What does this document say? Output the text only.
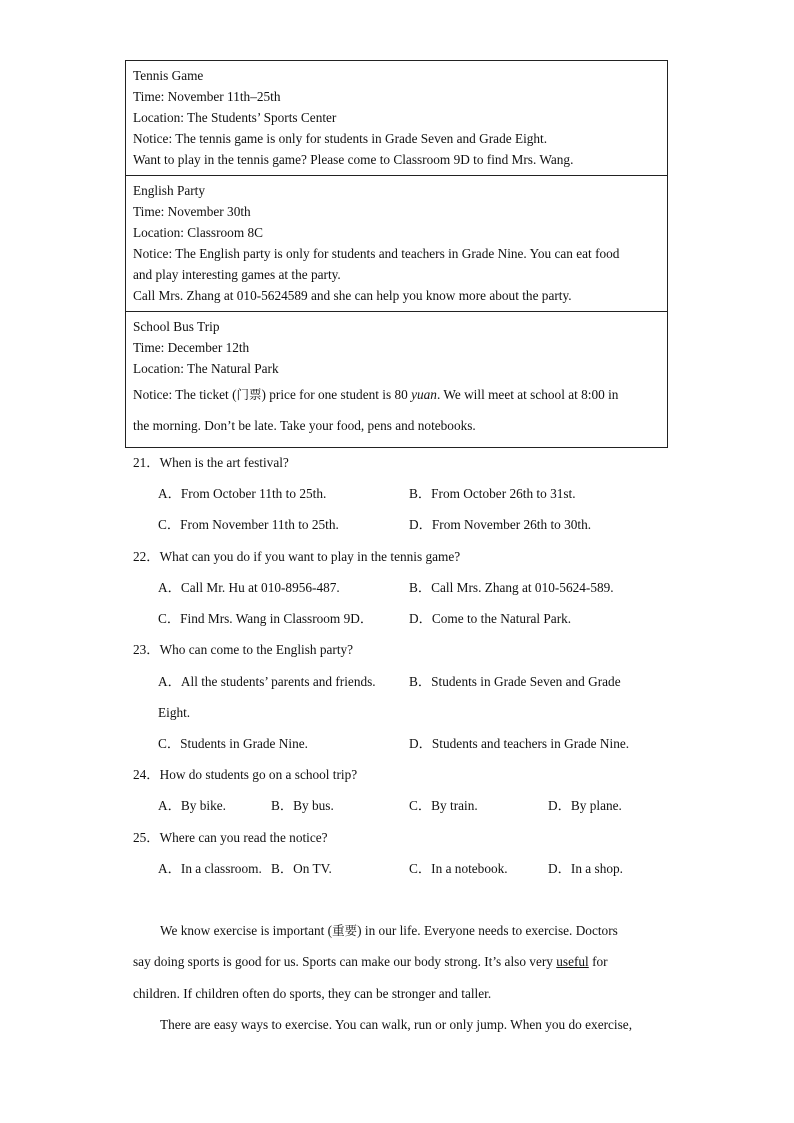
Tennis Game
Time: November 11th–25th
Location: The Students’ Sports Center
Notice: The tennis game is only for students in Grade Seven and Grade Eight.
Want to play in the tennis game? Please come to Classroom 9D to find Mrs. Wang.
English Party
Time: November 30th
Location: Classroom 8C
Notice: The English party is only for students and teachers in Grade Nine. You can eat food
and play interesting games at the party.
Call Mrs. Zhang at 010-5624589 and she can help you know more about the party.
School Bus Trip
Time: December 12th
Location: The Natural Park
Notice: The ticket (门票) price for one student is 80 yuan. We will meet at school at 8:00 in
the morning. Don’t be late. Take your food, pens and notebooks.
21．When is the art festival?
A．From October 11th to 25th.	B．From October 26th to 31st.
C．From November 11th to 25th.	D．From November 26th to 30th.
22．What can you do if you want to play in the tennis game?
A．Call Mr. Hu at 010-8956-487.	B．Call Mrs. Zhang at 010-5624-589.
C．Find Mrs. Wang in Classroom 9D．	D．Come to the Natural Park.
23．Who can come to the English party?
A．All the students’ parents and friends.	B．Students in Grade Seven and Grade
Eight.
C．Students in Grade Nine.	D．Students and teachers in Grade Nine.
24．How do students go on a school trip?
A．By bike.	B．By bus.	C．By train.	D．By plane.
25．Where can you read the notice?
A．In a classroom. B．On TV.	C．In a notebook.	D．In a shop.
We know exercise is important (重要) in our life. Everyone needs to exercise. Doctors
say doing sports is good for us. Sports can make our body strong. It’s also very useful for
children. If children often do sports, they can be stronger and taller.
There are easy ways to exercise. You can walk, run or only jump. When you do exercise,
